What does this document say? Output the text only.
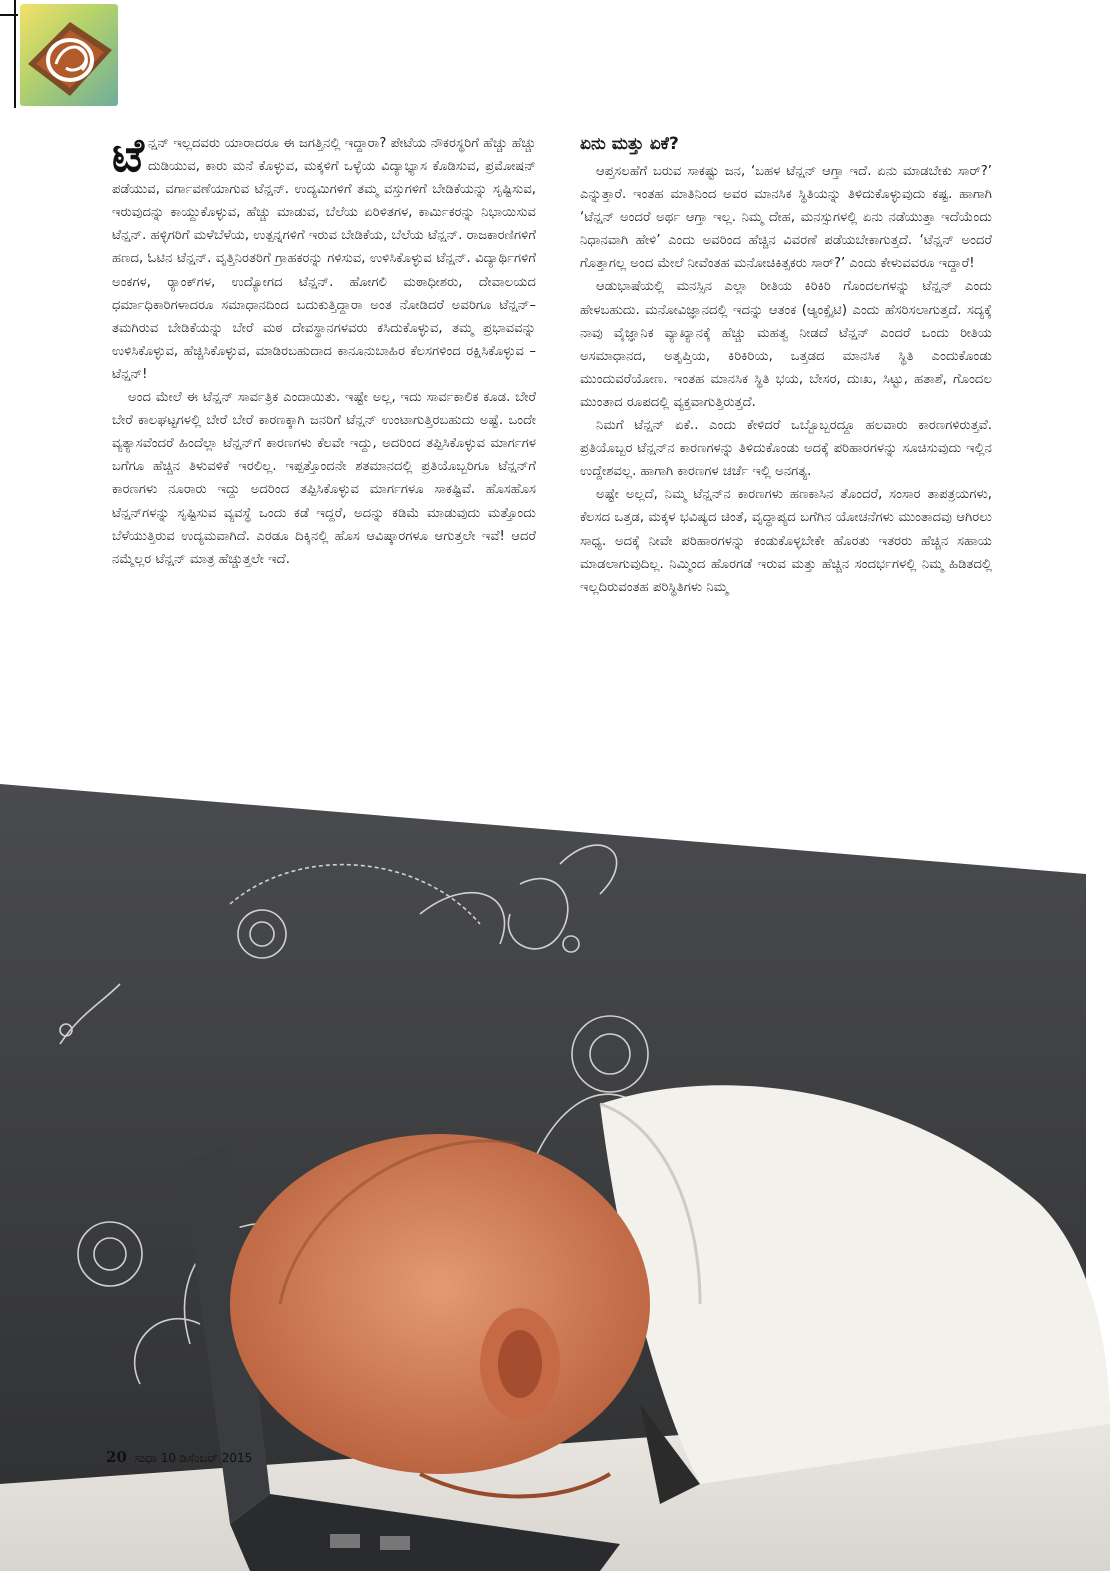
ಟೆನ್ಷನ್ ಇಲ್ಲದವರು ಯಾರಾದರೂ ಈ ಜಗತ್ತಿನಲ್ಲಿ ಇದ್ದಾರಾ? ಪೇಟೆಯ ನೌಕರಸ್ಥರಿಗೆ ಹೆಚ್ಚು ಹೆಚ್ಚು ದುಡಿಯುವ, ಕಾರು ಮನೆ ಕೊಳ್ಳುವ, ಮಕ್ಕಳಿಗೆ ಒಳ್ಳೆಯ ವಿದ್ಯಾಭ್ಯಾಸ ಕೊಡಿಸುವ, ಪ್ರಮೋಷನ್ ಪಡೆಯುವ, ವರ್ಗಾವಣೆಯಾಗುವ ಟೆನ್ಷನ್. ಉದ್ಯಮಿಗಳಿಗೆ ತಮ್ಮ ವಸ್ತುಗಳಿಗೆ ಬೇಡಿಕೆಯನ್ನು ಸೃಷ್ಟಿಸುವ, ಇರುವುದನ್ನು ಕಾಯ್ದುಕೊಳ್ಳುವ, ಹೆಚ್ಚು ಮಾಡುವ, ಬೆಲೆಯ ಏರಿಳಿತಗಳ, ಕಾರ್ಮಿಕರನ್ನು ನಿಭಾಯಿಸುವ ಟೆನ್ಷನ್. ಹಳ್ಳಿಗರಿಗೆ ಮಳೆಬೆಳೆಯ, ಉತ್ಪನ್ನಗಳಿಗೆ ಇರುವ ಬೇಡಿಕೆಯ, ಬೆಲೆಯ ಟೆನ್ಷನ್. ರಾಜಕಾರಣಿಗಳಿಗೆ ಹಣದ, ಓಟಿನ ಟೆನ್ಷನ್. ವೃತ್ತಿನಿರತರಿಗೆ ಗ್ರಾಹಕರನ್ನು ಗಳಿಸುವ, ಉಳಿಸಿಕೊಳ್ಳುವ ಟೆನ್ಷನ್. ವಿದ್ಯಾರ್ಥಿಗಳಿಗೆ ಅಂಕಗಳ, ರ್‍ಯಾಂಕ್‌ಗಳ, ಉದ್ಯೋಗದ ಟೆನ್ಷನ್. ಹೋಗಲಿ ಮಠಾಧೀಶರು, ದೇವಾಲಯದ ಧರ್ಮಾಧಿಕಾರಿಗಳಾದರೂ ಸಮಾಧಾನದಿಂದ ಬದುಕುತ್ತಿದ್ದಾರಾ ಅಂತ ನೋಡಿದರೆ ಅವರಿಗೂ ಟೆನ್ಷನ್– ತಮಗಿರುವ ಬೇಡಿಕೆಯನ್ನು ಬೇರೆ ಮಠ ದೇವಸ್ಥಾನಗಳವರು ಕಸಿದುಕೊಳ್ಳುವ, ತಮ್ಮ ಪ್ರಭಾವವನ್ನು ಉಳಿಸಿಕೊಳ್ಳುವ, ಹೆಚ್ಚಿಸಿಕೊಳ್ಳುವ, ಮಾಡಿರಬಹುದಾದ ಕಾನೂನುಬಾಹಿರ ಕೆಲಸಗಳಿಂದ ರಕ್ಷಿಸಿಕೊಳ್ಳುವ –ಟೆನ್ಷನ್!

ಅಂದ ಮೇಲೆ ಈ ಟೆನ್ಷನ್ ಸಾರ್ವತ್ರಿಕ ಎಂದಾಯಿತು. ಇಷ್ಟೇ ಅಲ್ಲ, ಇದು ಸಾರ್ವಕಾಲಿಕ ಕೂಡ. ಬೇರೆ ಬೇರೆ ಕಾಲಘಟ್ಟಗಳಲ್ಲಿ ಬೇರೆ ಬೇರೆ ಕಾರಣಕ್ಕಾಗಿ ಜನರಿಗೆ ಟೆನ್ಷನ್ ಉಂಟಾಗುತ್ತಿರಬಹುದು ಅಷ್ಟೆ. ಒಂದೇ ವ್ಯತ್ಯಾಸವೆಂದರೆ ಹಿಂದೆಲ್ಲಾ ಟೆನ್ಷನ್‌ಗೆ ಕಾರಣಗಳು ಕೆಲವೇ ಇದ್ದು, ಅದರಿಂದ ತಪ್ಪಿಸಿಕೊಳ್ಳುವ ಮಾರ್ಗಗಳ ಬಗೆಗೂ ಹೆಚ್ಚಿನ ತಿಳುವಳಿಕೆ ಇರಲಿಲ್ಲ. ಇಪ್ಪತ್ತೊಂದನೇ ಶತಮಾನದಲ್ಲಿ ಪ್ರತಿಯೊಬ್ಬರಿಗೂ ಟೆನ್ಷನ್‌ಗೆ ಕಾರಣಗಳು ನೂರಾರು ಇದ್ದು ಅದರಿಂದ ತಪ್ಪಿಸಿಕೊಳ್ಳುವ ಮಾರ್ಗಗಳೂ ಸಾಕಷ್ಟಿವೆ. ಹೊಸಹೊಸ ಟೆನ್ಷನ್‌ಗಳನ್ನು ಸೃಷ್ಟಿಸುವ ವ್ಯವಸ್ಥೆ ಒಂದು ಕಡೆ ಇದ್ದರೆ, ಅದನ್ನು ಕಡಿಮೆ ಮಾಡುವುದು ಮತ್ತೊಂದು ಬೆಳೆಯುತ್ತಿರುವ ಉದ್ಯಮವಾಗಿದೆ. ಎರಡೂ ದಿಕ್ಕಿನಲ್ಲಿ ಹೊಸ ಆವಿಷ್ಕಾರಗಳೂ ಆಗುತ್ತಲೇ ಇವೆ! ಆದರೆ ನಮ್ಮೆಲ್ಲರ ಟೆನ್ಷನ್ ಮಾತ್ರ ಹೆಚ್ಚುತ್ತಲೇ ಇದೆ.

ಏನು ಮತ್ತು ಏಕೆ?

ಆಪ್ತಸಲಹೆಗೆ ಬರುವ ಸಾಕಷ್ಟು ಜನ, ‘ಬಹಳ ಟೆನ್ಷನ್ ಆಗ್ತಾ ಇದೆ. ಏನು ಮಾಡಬೇಕು ಸಾರ್?’ ಎನ್ನುತ್ತಾರೆ. ಇಂತಹ ಮಾತಿನಿಂದ ಅವರ ಮಾನಸಿಕ ಸ್ಥಿತಿಯನ್ನು ತಿಳಿದುಕೊಳ್ಳುವುದು ಕಷ್ಟ. ಹಾಗಾಗಿ ‘ಟೆನ್ಷನ್ ಅಂದರೆ ಅರ್ಥ ಆಗ್ತಾ ಇಲ್ಲ. ನಿಮ್ಮ ದೇಹ, ಮನಸ್ಸುಗಳಲ್ಲಿ ಏನು ನಡೆಯುತ್ತಾ ಇದೆಯೆಂದು ನಿಧಾನವಾಗಿ ಹೇಳಿ’ ಎಂದು ಅವರಿಂದ ಹೆಚ್ಚಿನ ವಿವರಣೆ ಪಡೆಯಬೇಕಾಗುತ್ತದೆ. ‘ಟೆನ್ಷನ್ ಅಂದರೆ ಗೊತ್ತಾಗಲ್ಲ ಅಂದ ಮೇಲೆ ನೀವೆಂತಹ ಮನೋಚಿಕಿತ್ಸಕರು ಸಾರ್?’ ಎಂದು ಕೇಳುವವರೂ ಇದ್ದಾರೆ!

ಆಡುಭಾಷೆಯಲ್ಲಿ ಮನಸ್ಸಿನ ಎಲ್ಲಾ ರೀತಿಯ ಕಿರಿಕಿರಿ ಗೊಂದಲಗಳನ್ನು ಟೆನ್ಷನ್ ಎಂದು ಹೇಳಬಹುದು. ಮನೋವಿಜ್ಞಾನದಲ್ಲಿ ಇದನ್ನು ಆತಂಕ (ಆ್ಯಂಕ್ಸೈಟಿ) ಎಂದು ಹೆಸರಿಸಲಾಗುತ್ತದೆ. ಸದ್ಯಕ್ಕೆ ನಾವು ವೈಜ್ಞಾನಿಕ ವ್ಯಾಖ್ಯಾನಕ್ಕೆ ಹೆಚ್ಚು ಮಹತ್ವ ನೀಡದೆ ಟೆನ್ಷನ್ ಎಂದರೆ ಒಂದು ರೀತಿಯ ಅಸಮಾಧಾನದ, ಅತೃಪ್ತಿಯ, ಕಿರಿಕಿರಿಯ, ಒತ್ತಡದ ಮಾನಸಿಕ ಸ್ಥಿತಿ ಎಂದುಕೊಂಡು ಮುಂದುವರೆಯೋಣ. ಇಂತಹ ಮಾನಸಿಕ ಸ್ಥಿತಿ ಭಯ, ಬೇಸರ, ದುಃಖ, ಸಿಟ್ಟು, ಹತಾಶೆ, ಗೊಂದಲ ಮುಂತಾದ ರೂಪದಲ್ಲಿ ವ್ಯಕ್ತವಾಗುತ್ತಿರುತ್ತದೆ.

ನಿಮಗೆ ಟೆನ್ಷನ್ ಏಕೆ.. ಎಂದು ಕೇಳಿದರೆ ಒಬ್ಬೊಬ್ಬರದ್ದೂ ಹಲವಾರು ಕಾರಣಗಳಿರುತ್ತವೆ. ಪ್ರತಿಯೊಬ್ಬರ ಟೆನ್ಷನ್‌ನ ಕಾರಣಗಳನ್ನು ತಿಳಿದುಕೊಂಡು ಅದಕ್ಕೆ ಪರಿಹಾರಗಳನ್ನು ಸೂಚಿಸುವುದು ಇಲ್ಲಿನ ಉದ್ದೇಶವಲ್ಲ. ಹಾಗಾಗಿ ಕಾರಣಗಳ ಚರ್ಚೆ ಇಲ್ಲಿ ಅನಗತ್ಯ.

ಅಷ್ಟೇ ಅಲ್ಲದೆ, ನಿಮ್ಮ ಟೆನ್ಷನ್‌ನ ಕಾರಣಗಳು ಹಣಕಾಸಿನ ತೊಂದರೆ, ಸಂಸಾರ ತಾಪತ್ರಯಗಳು, ಕೆಲಸದ ಒತ್ತಡ, ಮಕ್ಕಳ ಭವಿಷ್ಯದ ಚಿಂತೆ, ವೃದ್ಧಾಪ್ಯದ ಬಗೆಗಿನ ಯೋಚನೆಗಳು ಮುಂತಾದವು ಆಗಿರಲು ಸಾಧ್ಯ. ಅದಕ್ಕೆ ನೀವೇ ಪರಿಹಾರಗಳನ್ನು ಕಂಡುಕೊಳ್ಳಬೇಕೇ ಹೊರತು ಇತರರು ಹೆಚ್ಚಿನ ಸಹಾಯ ಮಾಡಲಾಗುವುದಿಲ್ಲ. ನಿಮ್ಮಿಂದ ಹೊರಗಡೆ ಇರುವ ಮತ್ತು ಹೆಚ್ಚಿನ ಸಂದರ್ಭಗಳಲ್ಲಿ ನಿಮ್ಮ ಹಿಡಿತದಲ್ಲಿ ಇಲ್ಲದಿರುವಂತಹ ಪರಿಸ್ಥಿತಿಗಳು ನಿಮ್ಮ

20 ಸುಧಾ 10 ಡಿಸೆಂಬರ್ 2015
